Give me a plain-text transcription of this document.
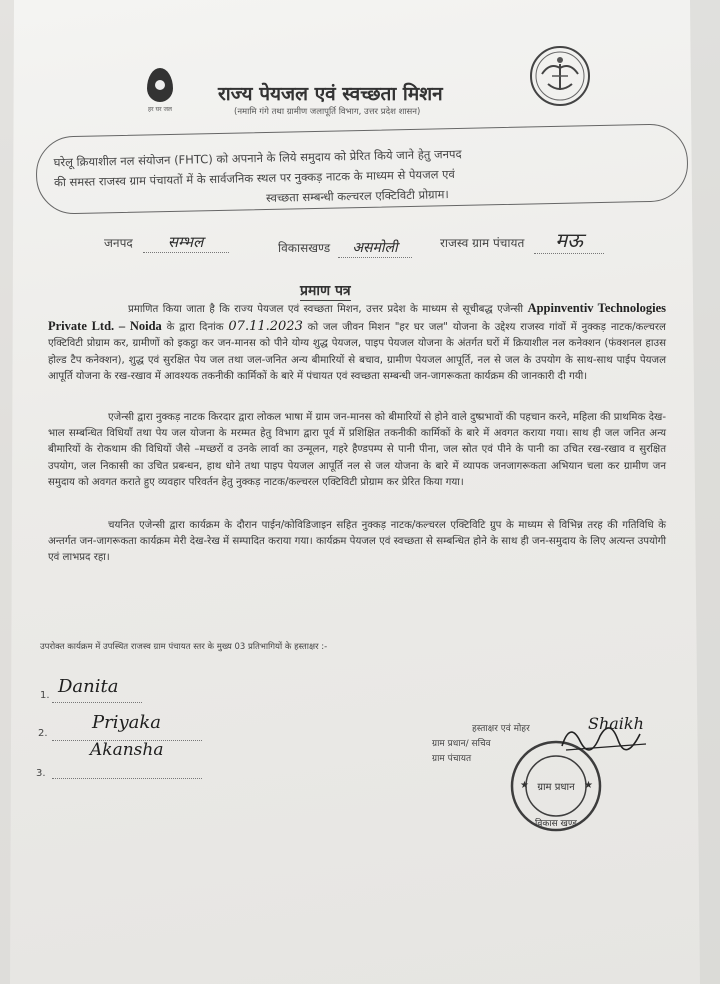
हर घर जल
राज्य पेयजल एवं स्वच्छता मिशन
(नमामि गंगे तथा ग्रामीण जलापूर्ति विभाग, उत्तर प्रदेश शासन)
घरेलू क्रियाशील नल संयोजन (FHTC) को अपनाने के लिये समुदाय को प्रेरित किये जाने हेतु जनपद
की समस्त राजस्व ग्राम पंचायतों में के सार्वजनिक स्थल पर नुक्कड़ नाटक के माध्यम से पेयजल एवं

स्वच्छता सम्बन्धी कल्चरल एक्टिविटी प्रोग्राम।
जनपद सम्भल	विकासखण्ड असमोली	राजस्व ग्राम पंचायत मऊ
प्रमाण पत्र
प्रमाणित किया जाता है कि राज्य पेयजल एवं स्वच्छता मिशन, उत्तर प्रदेश के माध्यम से सूचीबद्ध एजेन्सी Appinventiv Technologies Private Ltd. – Noida के द्वारा दिनांक 07.11.2023 को जल जीवन मिशन "हर घर जल" योजना के उद्देश्य राजस्व गांवों में नुक्कड़ नाटक/कल्चरल एक्टिविटी प्रोग्राम कर, ग्रामीणों को इकट्ठा कर जन-मानस को पीने योग्य शुद्ध पेयजल, पाइप पेयजल योजना के अंतर्गत घरों में क्रियाशील नल कनेक्शन (फंक्शनल हाउस होल्ड टैप कनेक्शन), शुद्ध एवं सुरक्षित पेय जल तथा जल-जनित अन्य बीमारियों से बचाव, ग्रामीण पेयजल आपूर्ति, नल से जल के उपयोग के साथ-साथ पाईप पेयजल आपूर्ति योजना के रख-रखाव में आवश्यक तकनीकी कार्मिकों के बारे में पंचायत एवं स्वच्छता सम्बन्धी जन-जागरूकता कार्यक्रम की जानकारी दी गयी।
एजेन्सी द्वारा नुक्कड़ नाटक किरदार द्वारा लोकल भाषा में ग्राम जन-मानस को बीमारियों से होने वाले दुष्प्रभावों की पहचान करने, महिला की प्राथमिक देख-भाल सम्बन्धित विधियाँ तथा पेय जल योजना के मरम्मत हेतु विभाग द्वारा पूर्व में प्रशिक्षित तकनीकी कार्मिकों के बारे में अवगत कराया गया। साथ ही जल जनित अन्य बीमारियों के रोकथाम की विधियों जैसे –मच्छरों व उनके लार्वा का उन्मूलन, गहरे हैण्डपम्प से पानी पीना, जल स्रोत एवं पीने के पानी का उचित रख-रखाव व सुरक्षित उपयोग, जल निकासी का उचित प्रबन्धन, हाथ धोने तथा पाइप पेयजल आपूर्ति नल से जल योजना के बारे में व्यापक जनजागरूकता अभियान चला कर ग्रामीण जन समुदाय को अवगत कराते हुए व्यवहार परिवर्तन हेतु नुक्कड़ नाटक/कल्चरल एक्टिविटी प्रोग्राम कर प्रेरित किया गया।
चयनित एजेन्सी द्वारा कार्यक्रम के दौरान पाईन/कोविडिजाइन सहित नुक्कड़ नाटक/कल्चरल एक्टिविटि ग्रुप के माध्यम से विभिन्न तरह की गतिविधि के अन्तर्गत जन-जागरूकता कार्यक्रम मेरी देख-रेख में सम्पादित कराया गया। कार्यक्रम पेयजल एवं स्वच्छता से सम्बन्धित होने के साथ ही जन-समुदाय के लिए अत्यन्त उपयोगी एवं लाभप्रद रहा।
उपरोक्त कार्यक्रम में उपस्थित राजस्व ग्राम पंचायत स्तर के मुख्य 03 प्रतिभागियों के हस्ताक्षर :-
1. Danita
2.
Priyaka
3.
Akansha
हस्ताक्षर एवं मोहर
ग्राम प्रधान/ सचिव
ग्राम पंचायत
Shaikh
ग्राम प्रधान
विकास खण्ड
★	★
